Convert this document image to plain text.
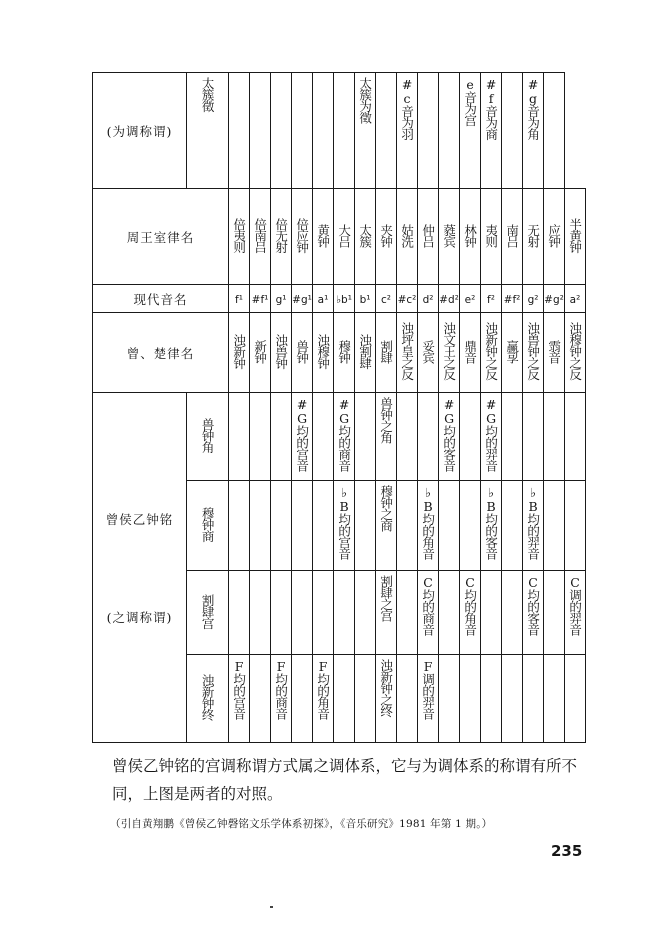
(为调称谓)	太簇徵							太簇为徵		#c音为羽			e音为宫	#f音为商		#g音为角		
周王室律名		倍夷则	倍南吕	倍无射	倍应钟	黄钟	大吕	太簇	夹钟	姑洗	仲吕	蕤宾	林钟	夷则	南吕	无射	应钟	半黄钟
现代音名		f¹	#f¹	g¹	#g¹	a¹	♭b¹	b¹	c²	#c²	d²	#d²	e²	f²	#f²	g²	#g²	a²
曾、楚律名		浊新钟	新钟	浊兽钟	兽钟	浊穆钟	穆钟	浊割肆	割肆	浊坪皇之反	妥宾	浊文王之反	鼎音	浊新钟之反	赢孠	浊兽钟之反	䨒音	浊穆钟之反

曾侯乙钟铭
(之调称谓)	兽钟角				#G均的宫音		#G均的商音		兽钟之角			#G均的客音		#G均的羿音				
	穆钟商						♭B均的宫音		穆钟之商		♭B均的角音			♭B均的客音		♭B均的羿音		
	割肆宫								割肆之宫		C均的商音		C均的角音			C均的客音		C调的羿音
	浊新钟终	F均的宫音		F均的商音		F均的角音			浊新钟之终		F调的羿音							
曾侯乙钟铭的宫调称谓方式属之调体系，它与为调体系的称谓有所不同，上图是两者的对照。
（引自黄翔鹏《曾侯乙钟磬铭文乐学体系初探》，《音乐研究》1981 年第 1 期。）
235
